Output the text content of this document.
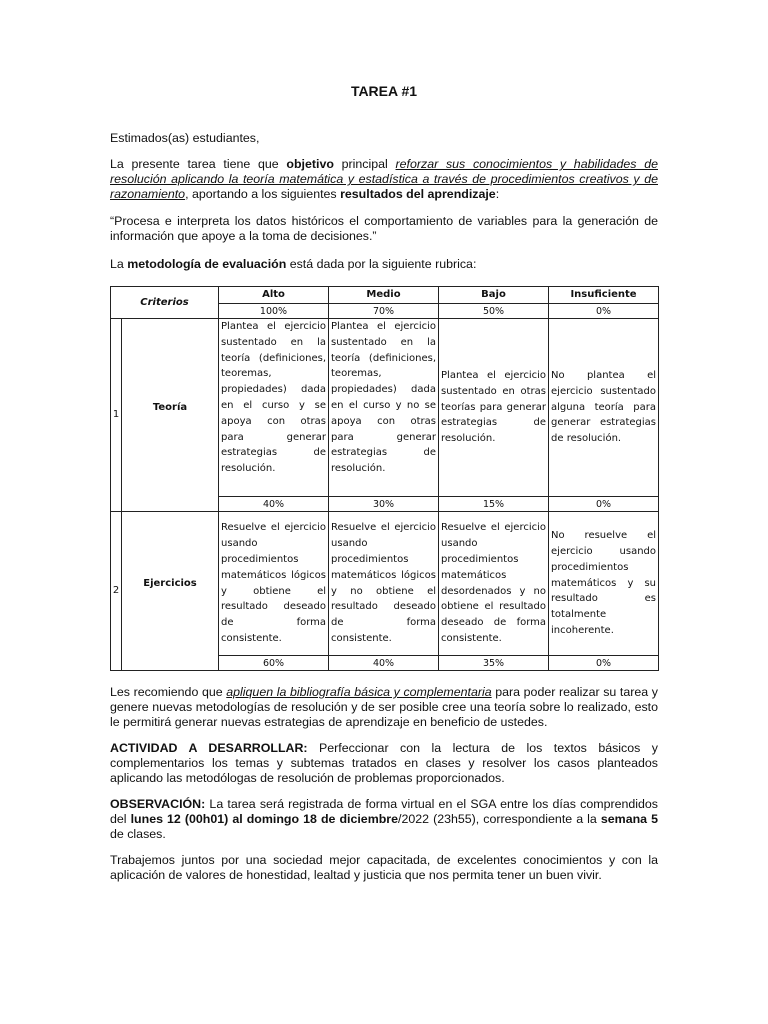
TAREA #1
Estimados(as) estudiantes,
La presente tarea tiene que objetivo principal reforzar sus conocimientos y habilidades de resolución aplicando la teoría matemática y estadística a través de procedimientos creativos y de razonamiento, aportando a los siguientes resultados del aprendizaje:
“Procesa e interpreta los datos históricos el comportamiento de variables para la generación de información que apoye a la toma de decisiones.”
La metodología de evaluación está dada por la siguiente rubrica:
Criterios		Alto	Medio	Bajo	Insuficiente
		100%	70%	50%	0%
1	Teoría	Plantea el ejercicio sustentado en la teoría (definiciones, teoremas, propiedades) dada en el curso y se apoya con otras para generar estrategias de resolución.	Plantea el ejercicio sustentado en la teoría (definiciones, teoremas, propiedades) dada en el curso y no se apoya con otras para generar estrategias de resolución.	Plantea el ejercicio sustentado en otras teorías para generar estrategias de resolución.	No plantea el ejercicio sustentado alguna teoría para generar estrategias de resolución.
		40%	30%	15%	0%
2	Ejercicios	Resuelve el ejercicio usando procedimientos matemáticos lógicos y obtiene el resultado deseado de forma consistente.	Resuelve el ejercicio usando procedimientos matemáticos lógicos y no obtiene el resultado deseado de forma consistente.	Resuelve el ejercicio usando procedimientos matemáticos desordenados y no obtiene el resultado deseado de forma consistente.	No resuelve el ejercicio usando procedimientos matemáticos y su resultado es totalmente incoherente.
		60%	40%	35%	0%
Les recomiendo que apliquen la bibliografía básica y complementaria para poder realizar su tarea y genere nuevas metodologías de resolución y de ser posible cree una teoría sobre lo realizado, esto le permitirá generar nuevas estrategias de aprendizaje en beneficio de ustedes.
ACTIVIDAD A DESARROLLAR: Perfeccionar con la lectura de los textos básicos y complementarios los temas y subtemas tratados en clases y resolver los casos planteados aplicando las metodólogas de resolución de problemas proporcionados.
OBSERVACIÓN: La tarea será registrada de forma virtual en el SGA entre los días comprendidos del lunes 12 (00h01) al domingo 18 de diciembre/2022 (23h55), correspondiente a la semana 5 de clases.
Trabajemos juntos por una sociedad mejor capacitada, de excelentes conocimientos y con la aplicación de valores de honestidad, lealtad y justicia que nos permita tener un buen vivir.
